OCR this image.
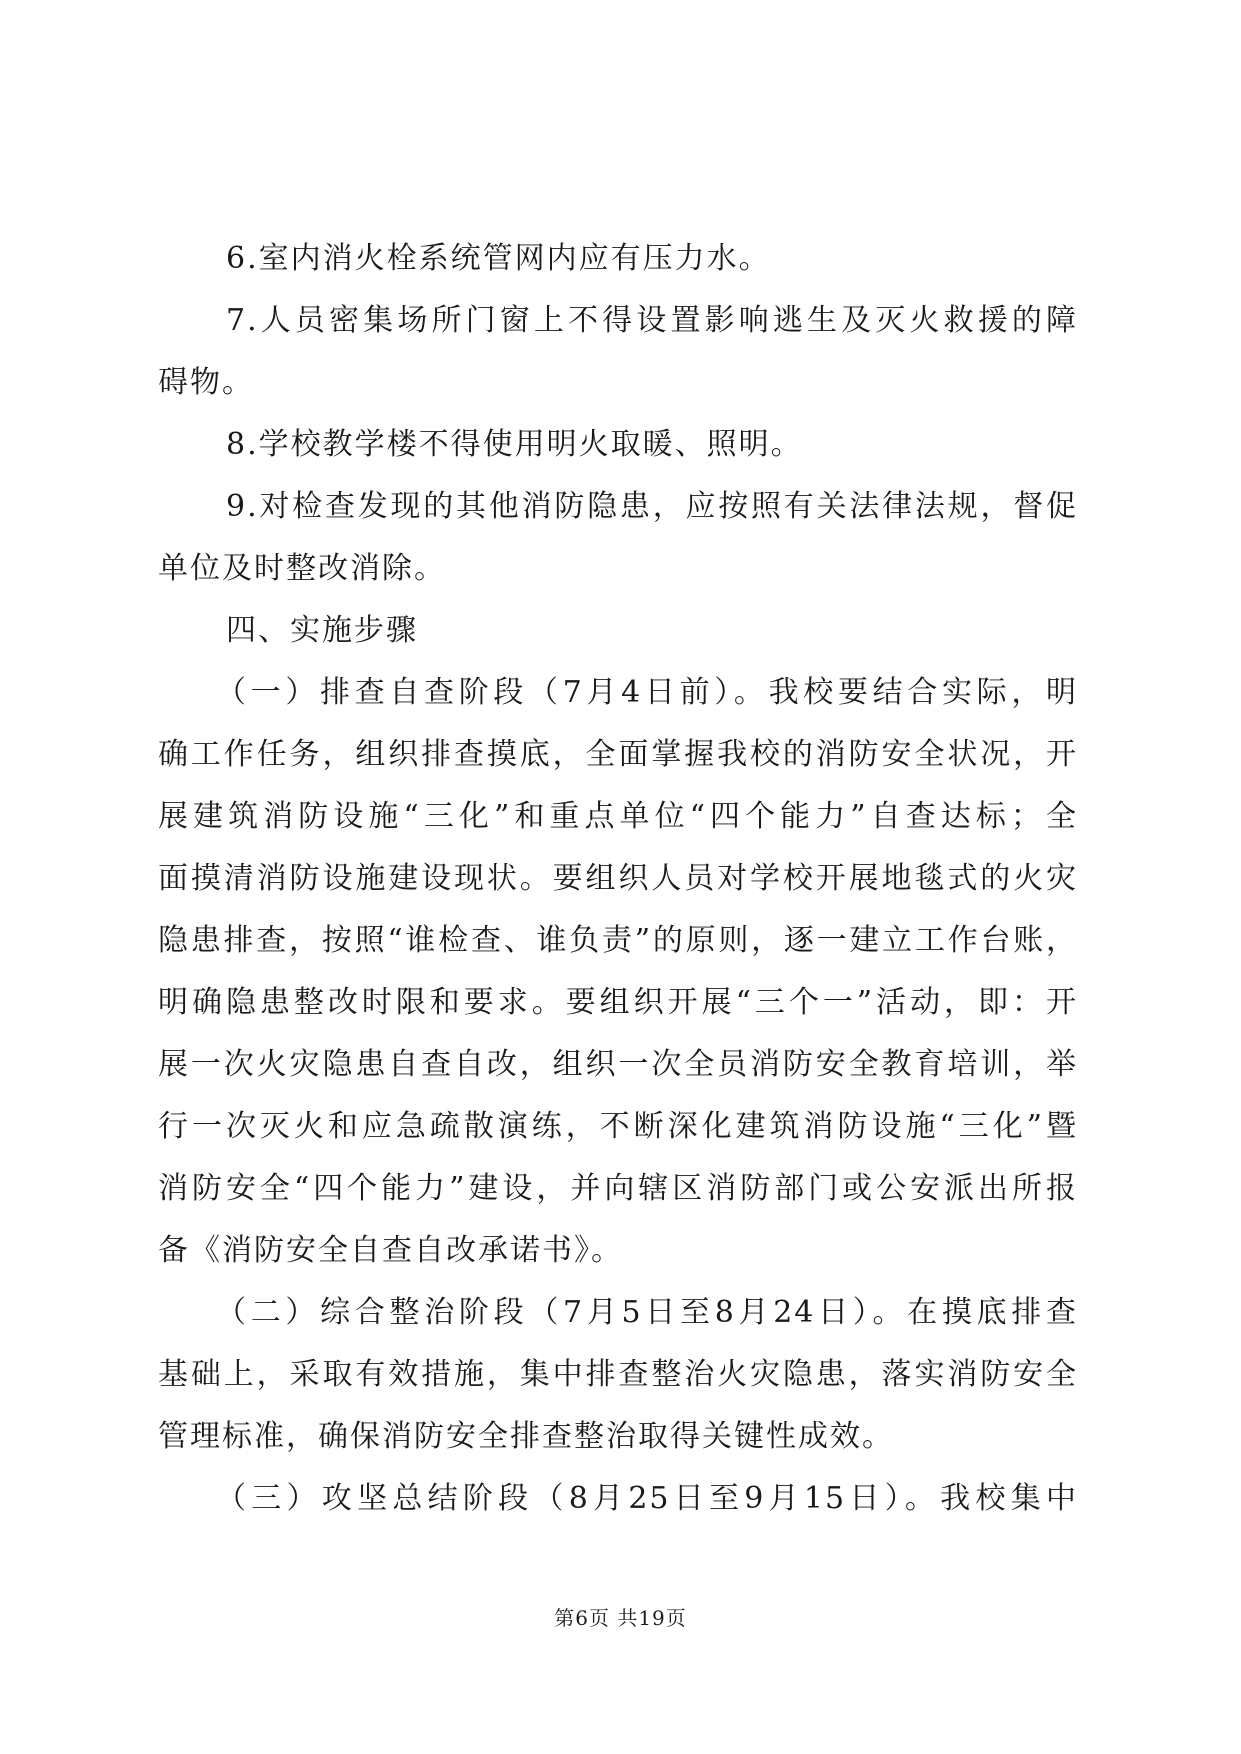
6.室内消火栓系统管网内应有压力水。

7.人员密集场所门窗上不得设置影响逃生及灭火救援的障
碍物。

8.学校教学楼不得使用明火取暖、照明。

9.对检查发现的其他消防隐患，应按照有关法律法规，督促
单位及时整改消除。

四、实施步骤

（一）排查自查阶段（7月4日前）。我校要结合实际，明
确工作任务，组织排查摸底，全面掌握我校的消防安全状况，开
展建筑消防设施“三化”和重点单位“四个能力”自查达标；全
面摸清消防设施建设现状。要组织人员对学校开展地毯式的火灾
隐患排查，按照“谁检查、谁负责”的原则，逐一建立工作台账，
明确隐患整改时限和要求。要组织开展“三个一”活动，即：开
展一次火灾隐患自查自改，组织一次全员消防安全教育培训，举
行一次灭火和应急疏散演练，不断深化建筑消防设施“三化”暨
消防安全“四个能力”建设，并向辖区消防部门或公安派出所报
备《消防安全自查自改承诺书》。

（二）综合整治阶段（7月5日至8月24日）。在摸底排查
基础上，采取有效措施，集中排查整治火灾隐患，落实消防安全
管理标准，确保消防安全排查整治取得关键性成效。

（三）攻坚总结阶段（8月25日至9月15日）。我校集中

第6页 共19页
